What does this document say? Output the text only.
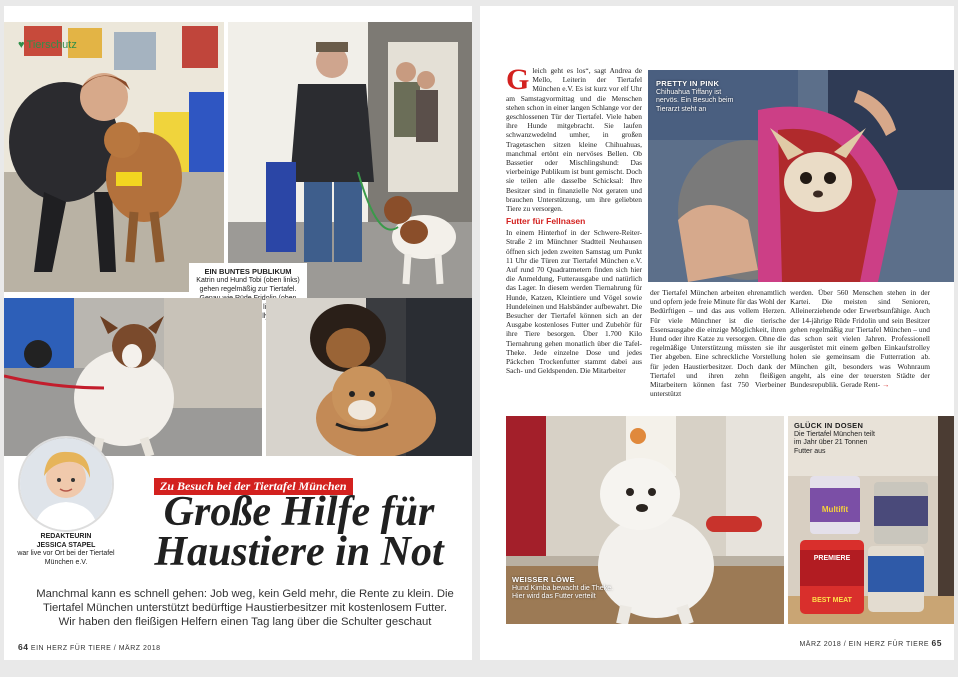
♥ Tierschutz
EIN BUNTES PUBLIKUM
Katrin und Hund Tobi (oben links) gehen regelmäßig zur Tiertafel. Fridolin Lilly
REDAKTEURIN
JESSICA STAPEL
war live vor Ort bei der Tiertafel München e.V.
Zu Besuch bei der Tiertafel München
Große Hilfe für
Haustiere in Not

Manchmal kann es schnell gehen: Job weg, kein Geld mehr, die Rente zu klein. Die Tiertafel München unterstützt bedürftige Haustierbesitzer mit kostenlosem Futter. Wir haben den fleißigen Helfern einen Tag lang über die Schulter geschaut

64 EIN HERZ FÜR TIERE / MÄRZ 2018
Gleich geht es los“, sagt Andrea de Mello, Leiterin der Tiertafel München e.V. Es ist kurz vor elf Uhr am Samstagvormittag und die Menschen stehen schon in einer langen Schlange vor der geschlossenen Tür der Tiertafel. Viele haben ihre Hunde mitgebracht. Sie laufen schwanzwedelnd umher, in großen Tragetaschen sitzen kleine Chihuahuas, manchmal ertönt ein nervöses Bellen. Ob Bassetier oder Mischlingshund: Das vierbeinige Publikum ist bunt gemischt. Doch sie teilen alle dasselbe Schicksal: Ihre Besitzer sind in finanzielle Not geraten und brauchen Unterstützung, um ihre geliebten Tiere zu versorgen.
Futter für Fellnasen
In einem Hinterhof in der Schwere-Reiter-Straße 2 im Münchner Stadtteil Neuhausen öffnen sich jeden zweiten Samstag um Punkt 11 Uhr die Türen zur Tiertafel München e.V. Auf rund 70 Quadratmetern finden sich hier die Anmeldung, Futterausgabe und natürlich das Lager. In diesem werden Tiernahrung für Hunde, Katzen, Kleintiere und Vögel sowie Hundeleinen und Halsbänder aufbewahrt. Die Besucher der Tiertafel können sich an der Ausgabe kostenloses Futter und Zubehör für ihre Tiere besorgen. Über 1.700 Kilo Tiernahrung gehen monatlich über die Tafel-Theke. Jede einzelne Dose und jedes Päckchen Trockenfutter stammt dabei aus Sach- und Geldspenden. Die Mitarbeiter
PRETTY IN PINK
Chihuahua Tiffany ist nervös. Ein Besuch beim Tierarzt steht an
der Tiertafel München arbeiten ehrenamtlich und opfern jede freie Minute für das Wohl der Bedürftigen – und das aus vollem Herzen. Für viele Münchner ist die tierische Essensausgabe die einzige Möglichkeit, ihren Hund oder ihre Katze zu versorgen. Ohne die regelmäßige Unterstützung müssten sie ihr Tier abgeben. Eine schreckliche Vorstellung für jeden Haustierbesitzer. Doch dank der Tiertafel und ihren zehn fleißigen Mitarbeitern können fast 750 Vierbeiner unterstützt
werden. Über 560 Menschen stehen in der Kartei. Die meisten sind Senioren, Alleinerziehende oder Erwerbsunfähige. Auch der 14-jährige Rüde Fridolin und sein Besitzer gehen regelmäßig zur Tiertafel München – und das schon seit vielen Jahren. Professionell ausgerüstet mit einem gelben Einkaufstrolley holen sie gemeinsam die Futterration ab. München gilt, besonders was Wohnraum angeht, als eine der teuersten Städte der Bundesrepublik. Gerade Rent- →
WEISSER LÖWE
Hund Kimba bewacht die Theke. Hier wird das Futter verteilt
Multifit
PREMIERE
BEST MEAT
GLÜCK IN DOSEN
Die Tiertafel München teilt im Jahr über 21 Tonnen Futter aus
MÄRZ 2018 / EIN HERZ FÜR TIERE 65
